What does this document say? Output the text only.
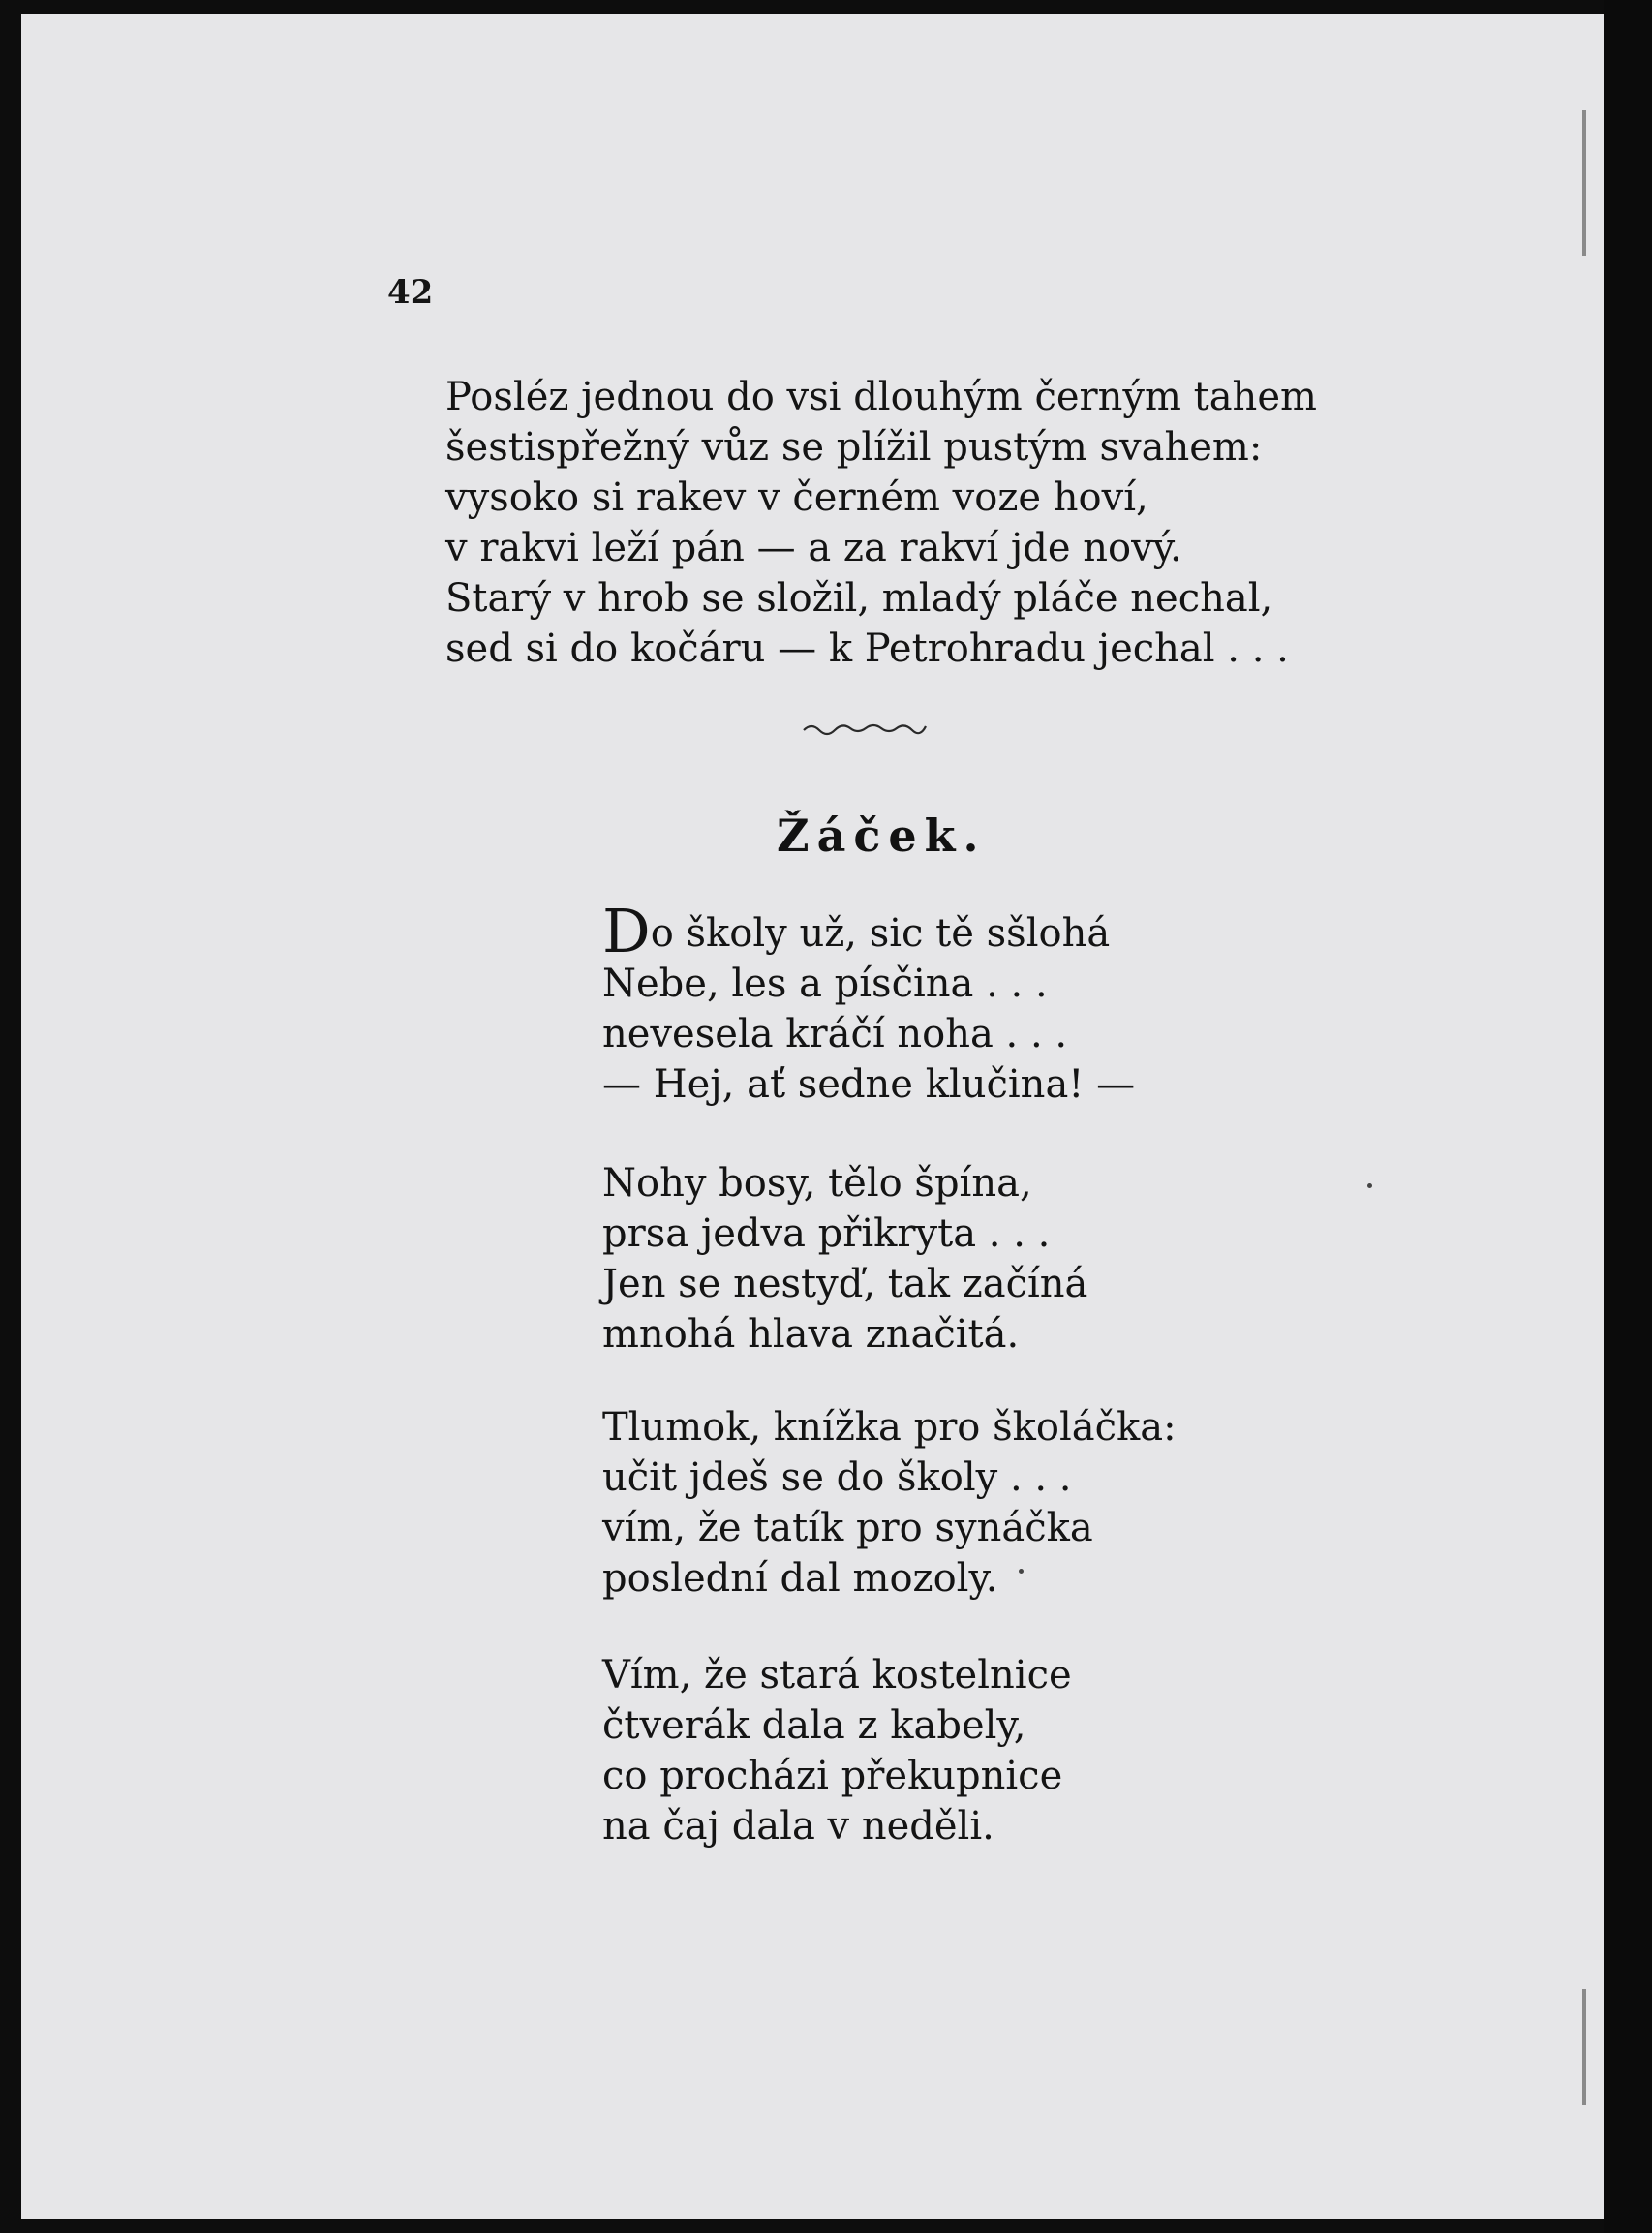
42
Posléz jednou do vsi dlouhým černým tahem
šestispřežný vůz se plížil pustým svahem:
vysoko si rakev v černém voze hoví,
v rakvi leží pán — a za rakví jde nový.
Starý v hrob se složil, mladý pláče nechal,
sed si do kočáru — k Petrohradu jechal . . .
Žáček.
Do školy už, sic tě sšlohá
Nebe, les a písčina . . .
nevesela kráčí noha . . .
— Hej, ať sedne klučina! —
Nohy bosy, tělo špína,
prsa jedva přikryta . . .
Jen se nestyď, tak začíná
mnohá hlava značitá.
Tlumok, knížka pro školáčka:
učit jdeš se do školy . . .
vím, že tatík pro synáčka
poslední dal mozoly.
Vím, že stará kostelnice
čtverák dala z kabely,
co procházi překupnice
na čaj dala v neděli.
